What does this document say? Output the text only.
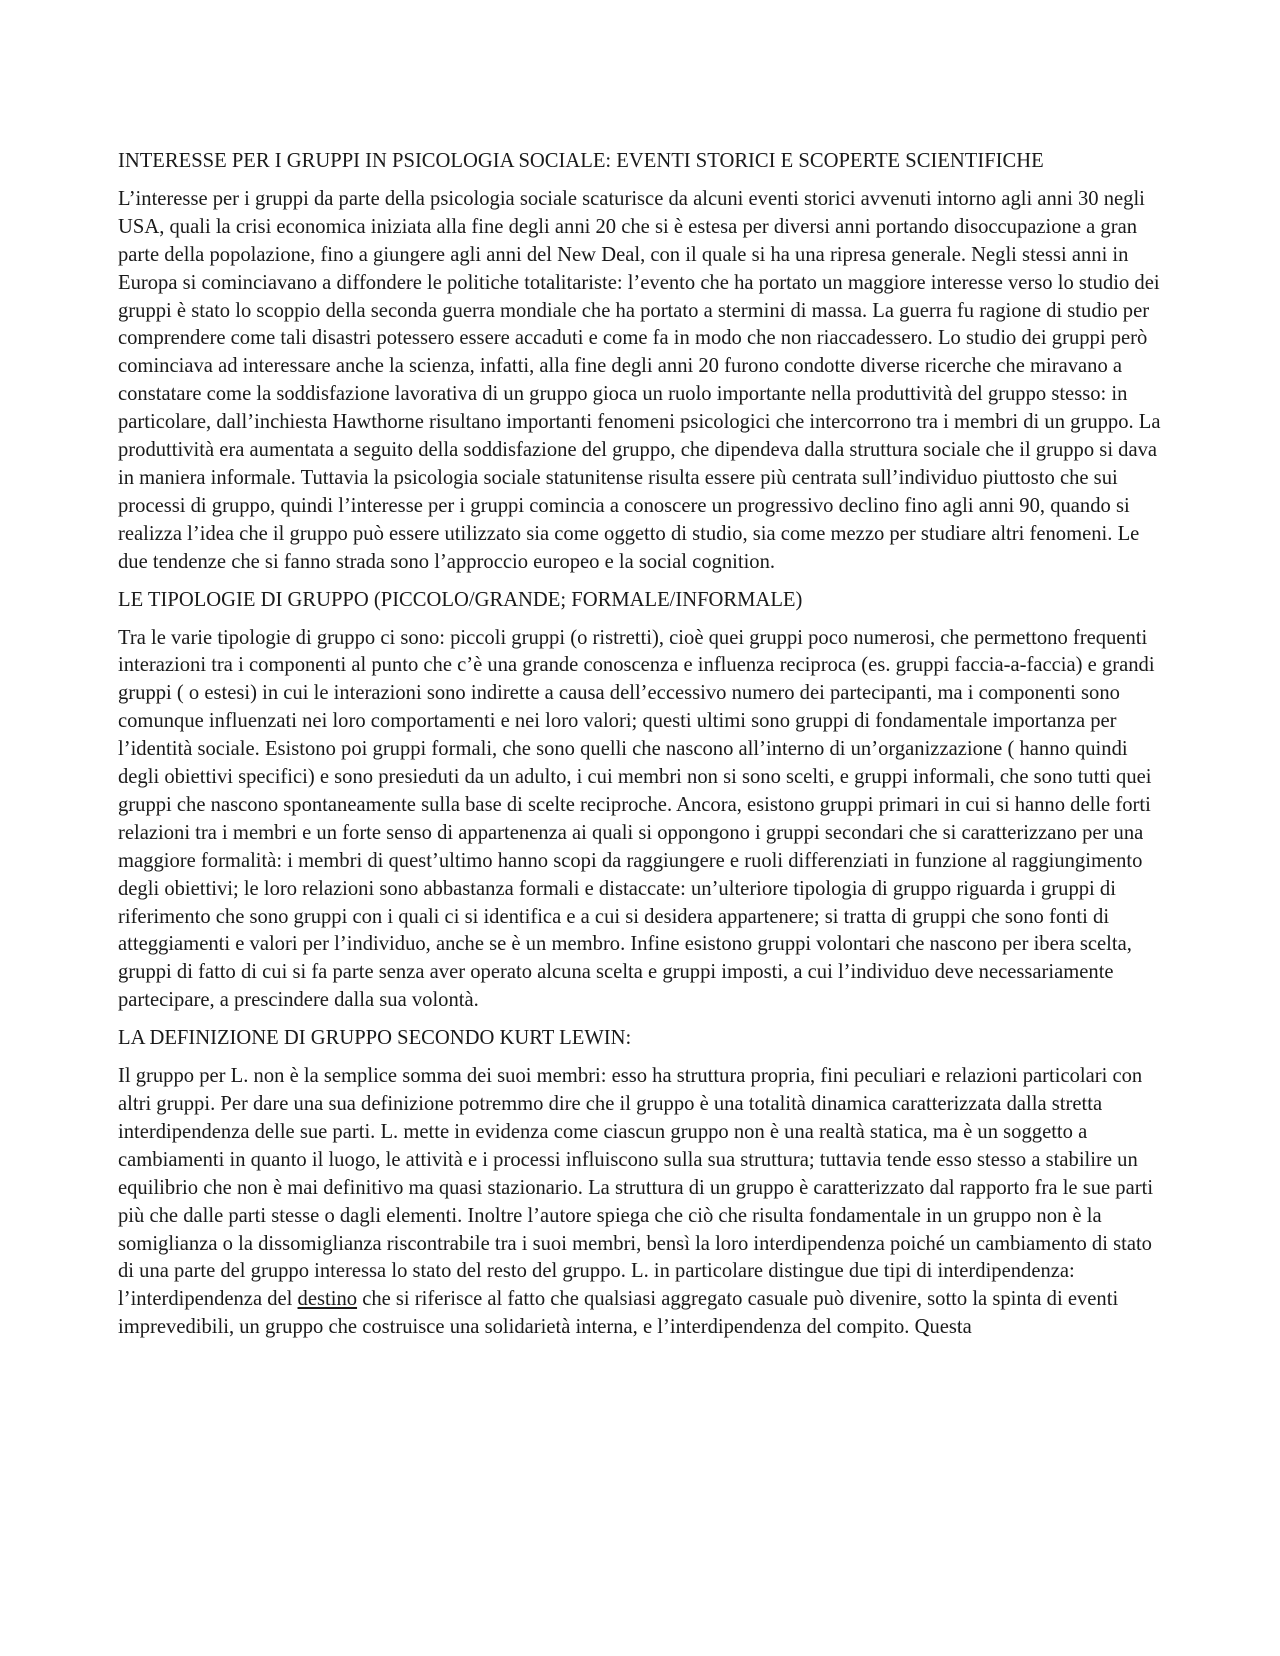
INTERESSE PER I GRUPPI IN PSICOLOGIA SOCIALE: EVENTI STORICI E SCOPERTE SCIENTIFICHE

L’interesse per i gruppi da parte della psicologia sociale scaturisce da alcuni eventi storici avvenuti intorno agli anni 30 negli USA, quali la crisi economica iniziata alla fine degli anni 20 che si è estesa per diversi anni portando disoccupazione a gran parte della popolazione, fino a giungere agli anni del New Deal, con il quale si ha una ripresa generale. Negli stessi anni in Europa si cominciavano a diffondere le politiche totalitariste: l’evento che ha portato un maggiore interesse verso lo studio dei gruppi è stato lo scoppio della seconda guerra mondiale che ha portato a stermini di massa. La guerra fu ragione di studio per comprendere come tali disastri potessero essere accaduti e come fa in modo che non riaccadessero. Lo studio dei gruppi però cominciava ad interessare anche la scienza, infatti, alla fine degli anni 20 furono condotte diverse ricerche che miravano a constatare come la soddisfazione lavorativa di un gruppo gioca un ruolo importante nella produttività del gruppo stesso: in particolare, dall’inchiesta Hawthorne risultano importanti fenomeni psicologici che intercorrono tra i membri di un gruppo. La produttività era aumentata a seguito della soddisfazione del gruppo, che dipendeva dalla struttura sociale che il gruppo si dava in maniera informale. Tuttavia la psicologia sociale statunitense risulta essere più centrata sull’individuo piuttosto che sui processi di gruppo, quindi l’interesse per i gruppi comincia a conoscere un progressivo declino fino agli anni 90, quando si realizza l’idea che il gruppo può essere utilizzato sia come oggetto di studio, sia come mezzo per studiare altri fenomeni. Le due tendenze che si fanno strada sono l’approccio europeo e la social cognition.

LE TIPOLOGIE DI GRUPPO (PICCOLO/GRANDE; FORMALE/INFORMALE)

Tra le varie tipologie di gruppo ci sono: piccoli gruppi (o ristretti), cioè quei gruppi poco numerosi, che permettono frequenti interazioni tra i componenti al punto che c’è una grande conoscenza e influenza reciproca (es. gruppi faccia-a-faccia) e grandi gruppi ( o estesi) in cui le interazioni sono indirette a causa dell’eccessivo numero dei partecipanti, ma i componenti sono comunque influenzati nei loro comportamenti e nei loro valori; questi ultimi sono gruppi di fondamentale importanza per l’identità sociale. Esistono poi gruppi formali, che sono quelli che nascono all’interno di un’organizzazione ( hanno quindi degli obiettivi specifici) e sono presieduti da un adulto, i cui membri non si sono scelti, e gruppi informali, che sono tutti quei gruppi che nascono spontaneamente sulla base di scelte reciproche. Ancora, esistono gruppi primari in cui si hanno delle forti relazioni tra i membri e un forte senso di appartenenza ai quali si oppongono i gruppi secondari che si caratterizzano per una maggiore formalità: i membri di quest’ultimo hanno scopi da raggiungere e ruoli differenziati in funzione al raggiungimento degli obiettivi; le loro relazioni sono abbastanza formali e distaccate: un’ulteriore tipologia di gruppo riguarda i gruppi di riferimento che sono gruppi con i quali ci si identifica e a cui si desidera appartenere; si tratta di gruppi che sono fonti di atteggiamenti e valori per l’individuo, anche se è un membro. Infine esistono gruppi volontari che nascono per ibera scelta, gruppi di fatto di cui si fa parte senza aver operato alcuna scelta e gruppi imposti, a cui l’individuo deve necessariamente partecipare, a prescindere dalla sua volontà.

LA DEFINIZIONE DI GRUPPO SECONDO KURT LEWIN:

Il gruppo per L. non è la semplice somma dei suoi membri: esso ha struttura propria, fini peculiari e relazioni particolari con altri gruppi. Per dare una sua definizione potremmo dire che il gruppo è una totalità dinamica caratterizzata dalla stretta interdipendenza delle sue parti. L. mette in evidenza come ciascun gruppo non è una realtà statica, ma è un soggetto a cambiamenti in quanto il luogo, le attività e i processi influiscono sulla sua struttura; tuttavia tende esso stesso a stabilire un equilibrio che non è mai definitivo ma quasi stazionario. La struttura di un gruppo è caratterizzato dal rapporto fra le sue parti più che dalle parti stesse o dagli elementi. Inoltre l’autore spiega che ciò che risulta fondamentale in un gruppo non è la somiglianza o la dissomiglianza riscontrabile tra i suoi membri, bensì la loro interdipendenza poiché un cambiamento di stato di una parte del gruppo interessa lo stato del resto del gruppo. L. in particolare distingue due tipi di interdipendenza: l’interdipendenza del destino che si riferisce al fatto che qualsiasi aggregato casuale può divenire, sotto la spinta di eventi imprevedibili, un gruppo che costruisce una solidarietà interna, e l’interdipendenza del compito. Questa
